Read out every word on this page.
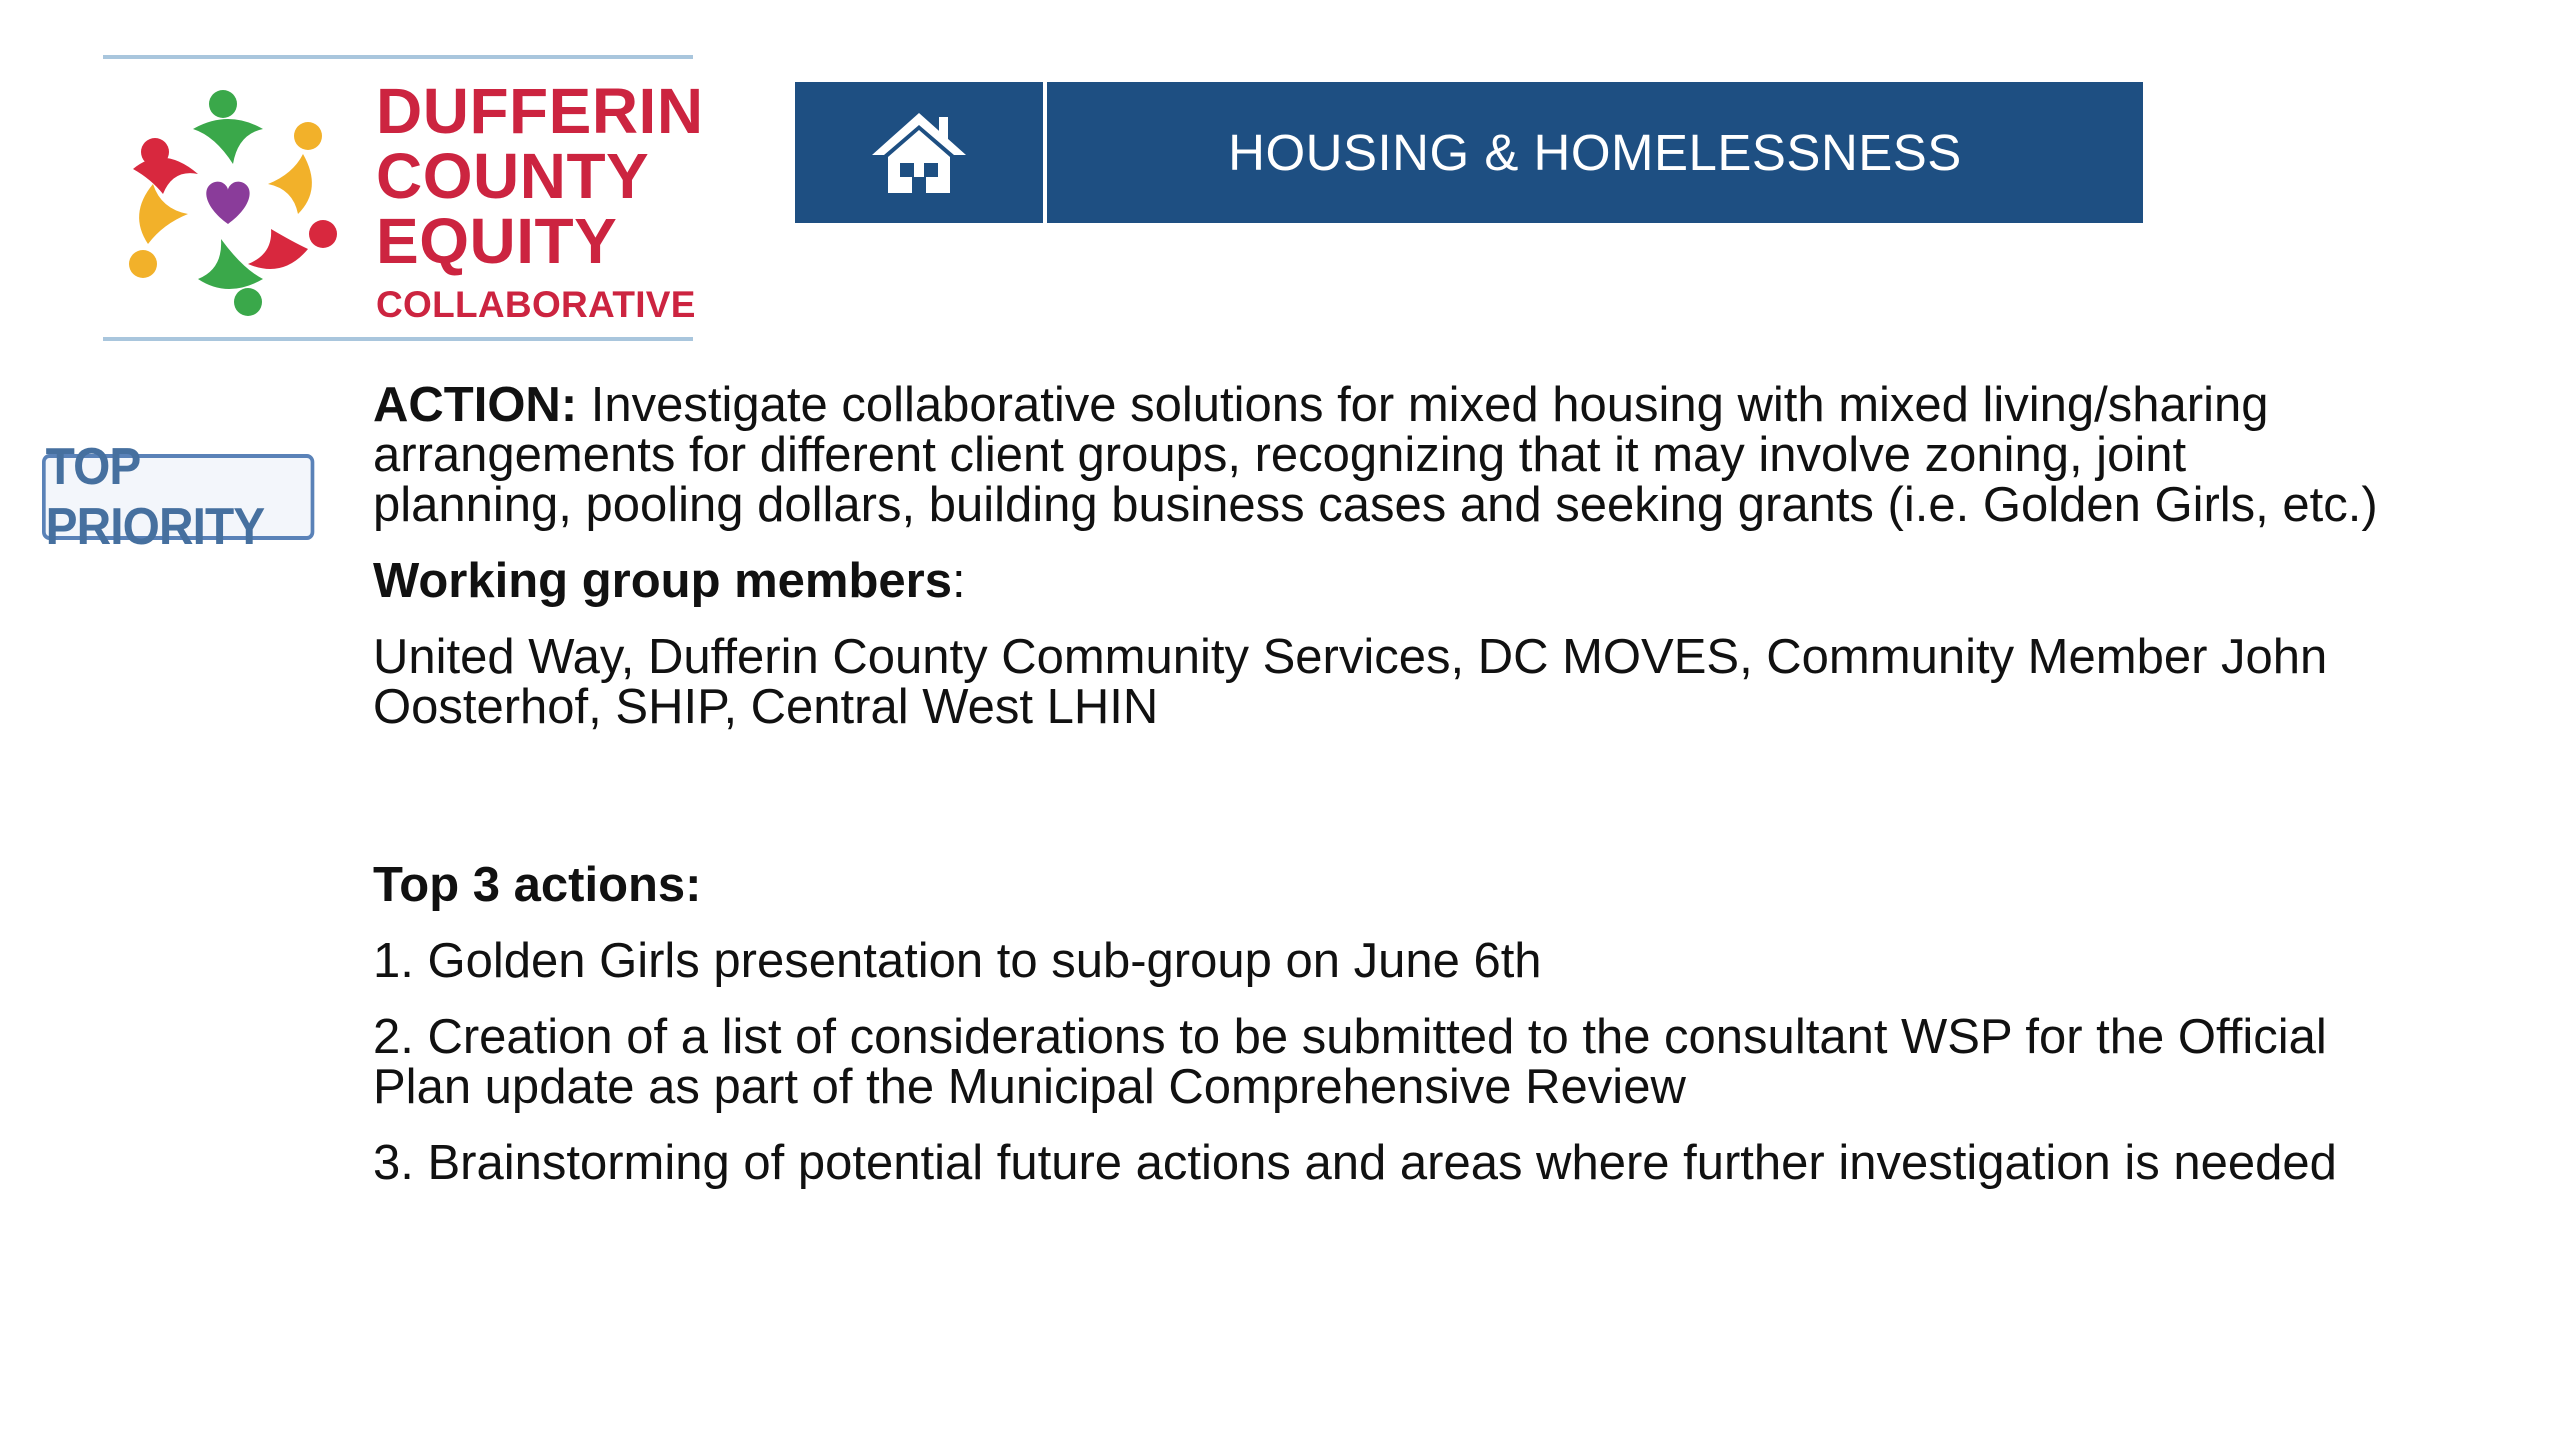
DUFFERIN
COUNTY
EQUITY
COLLABORATIVE
HOUSING & HOMELESSNESS
TOP PRIORITY

ACTION: Investigate collaborative solutions for mixed housing with mixed living/sharing arrangements for different client groups, recognizing that it may involve zoning, joint planning, pooling dollars, building business cases and seeking grants (i.e. Golden Girls, etc.)

Working group members:

United Way, Dufferin County Community Services, DC MOVES, Community Member John Oosterhof, SHIP, Central West LHIN

Top 3 actions:

1. Golden Girls presentation to sub-group on June 6th

2. Creation of a list of considerations to be submitted to the consultant WSP for the Official Plan update as part of the Municipal Comprehensive Review

3. Brainstorming of potential future actions and areas where further investigation is needed
